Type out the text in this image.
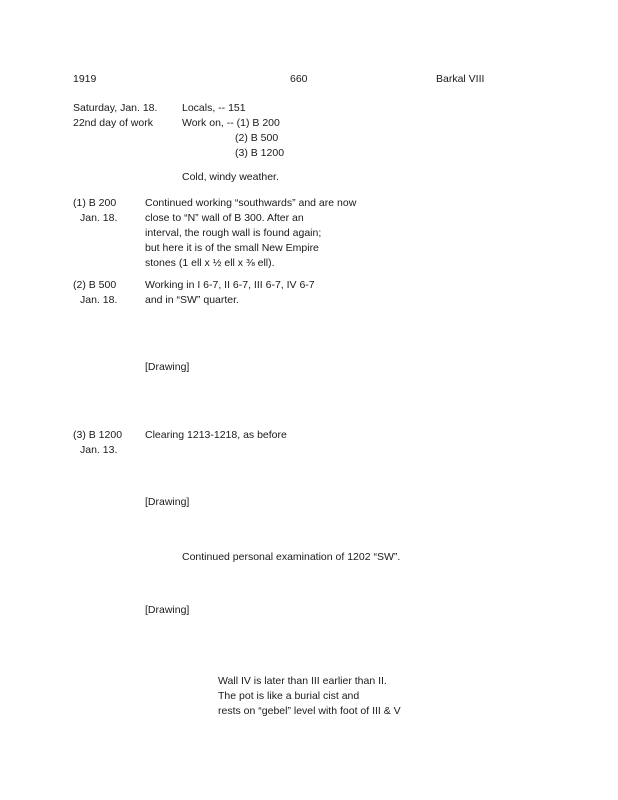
1919	660	Barkal VIII
Saturday, Jan. 18.
22nd day of work
Locals, -- 151
Work on, -- (1) B 200
(2) B 500
(3) B 1200
Cold, windy weather.
(1) B 200
Jan. 18.
Continued working “southwards” and are now
close to “N” wall of B 300. After an
interval, the rough wall is found again;
but here it is of the small New Empire
stones (1 ell x ½ ell x ⅜ ell).
(2) B 500
Jan. 18.
Working in I 6-7, II 6-7, III 6-7, IV 6-7
and in “SW” quarter.
[Drawing]
(3) B 1200
Jan. 13.
Clearing 1213-1218, as before
[Drawing]
Continued personal examination of 1202 “SW”.
[Drawing]
Wall IV is later than III earlier than II.
The pot is like a burial cist and
rests on “gebel” level with foot of III & V
